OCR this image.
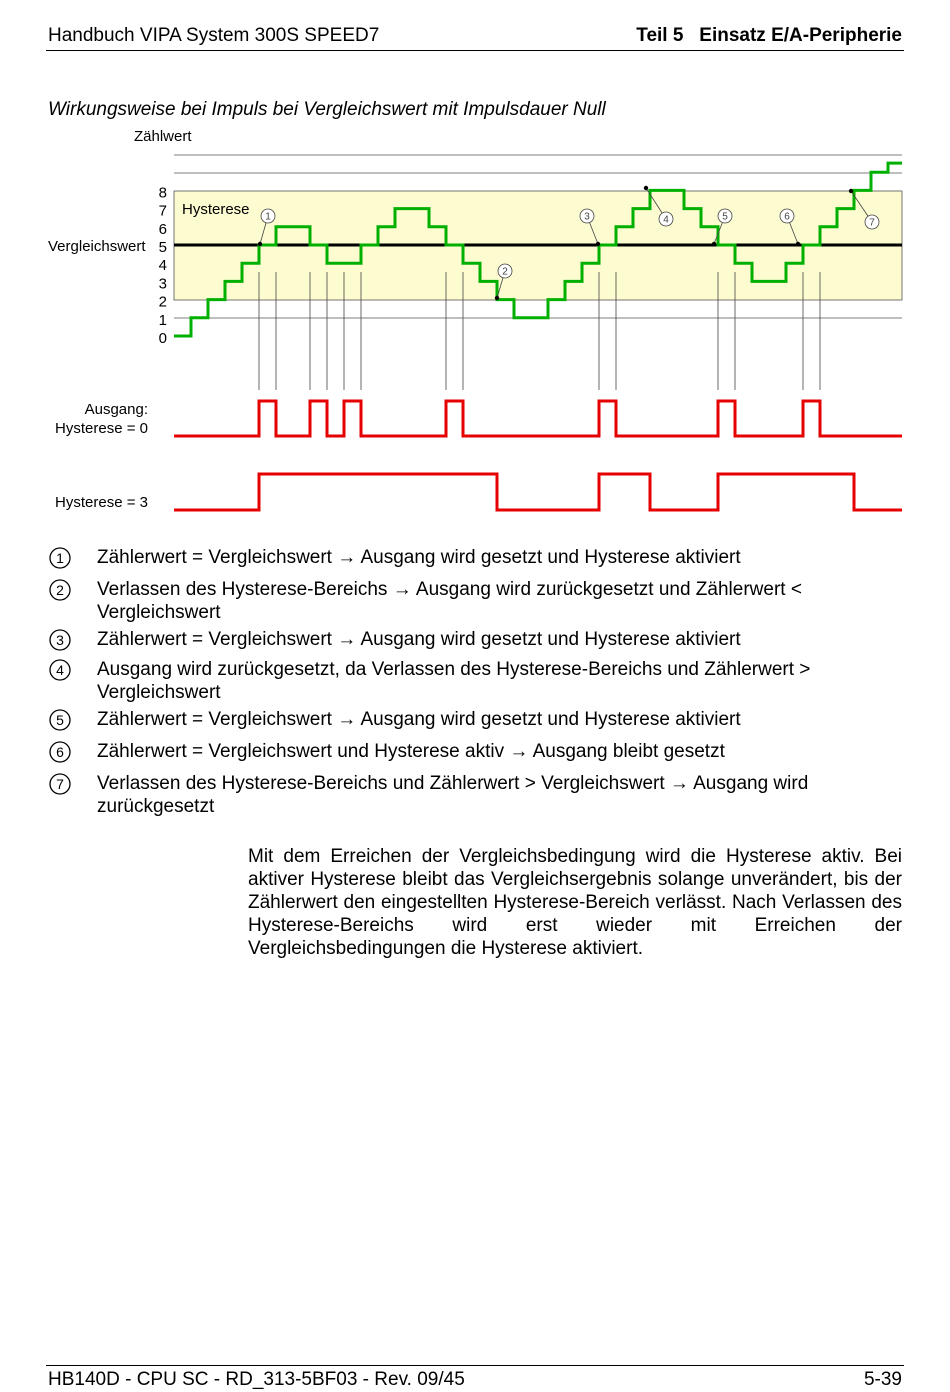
Handbuch VIPA System 300S SPEED7	Teil 5   Einsatz E/A-Peripherie
Wirkungsweise bei Impuls bei Vergleichswert mit Impulsdauer Null
Zählwert
Vergleichswert
Hysterese
Ausgang:
Hysterese = 0
Hysterese = 3
0
1
2
3
4
5
6
7
8
1
2
3	4	5	6
7
1 Zählerwert = Vergleichswert → Ausgang wird gesetzt und Hysterese aktiviert
2 Verlassen des Hysterese-Bereichs → Ausgang wird zurückgesetzt und Zählerwert < Vergleichswert
3 Zählerwert = Vergleichswert → Ausgang wird gesetzt und Hysterese aktiviert
4 Ausgang wird zurückgesetzt, da Verlassen des Hysterese-Bereichs und Zählerwert > Vergleichswert
5 Zählerwert = Vergleichswert → Ausgang wird gesetzt und Hysterese aktiviert
6 Zählerwert = Vergleichswert und Hysterese aktiv → Ausgang bleibt gesetzt
7 Verlassen des Hysterese-Bereichs und Zählerwert > Vergleichswert → Ausgang wird zurückgesetzt
Mit dem Erreichen der Vergleichsbedingung wird die Hysterese aktiv. Bei aktiver Hysterese bleibt das Vergleichsergebnis solange unverändert, bis der Zählerwert den eingestellten Hysterese-Bereich verlässt. Nach Verlassen des Hysterese-Bereichs wird erst wieder mit Erreichen der Vergleichsbedingungen die Hysterese aktiviert.
HB140D - CPU SC - RD_313-5BF03 - Rev. 09/45	5-39
